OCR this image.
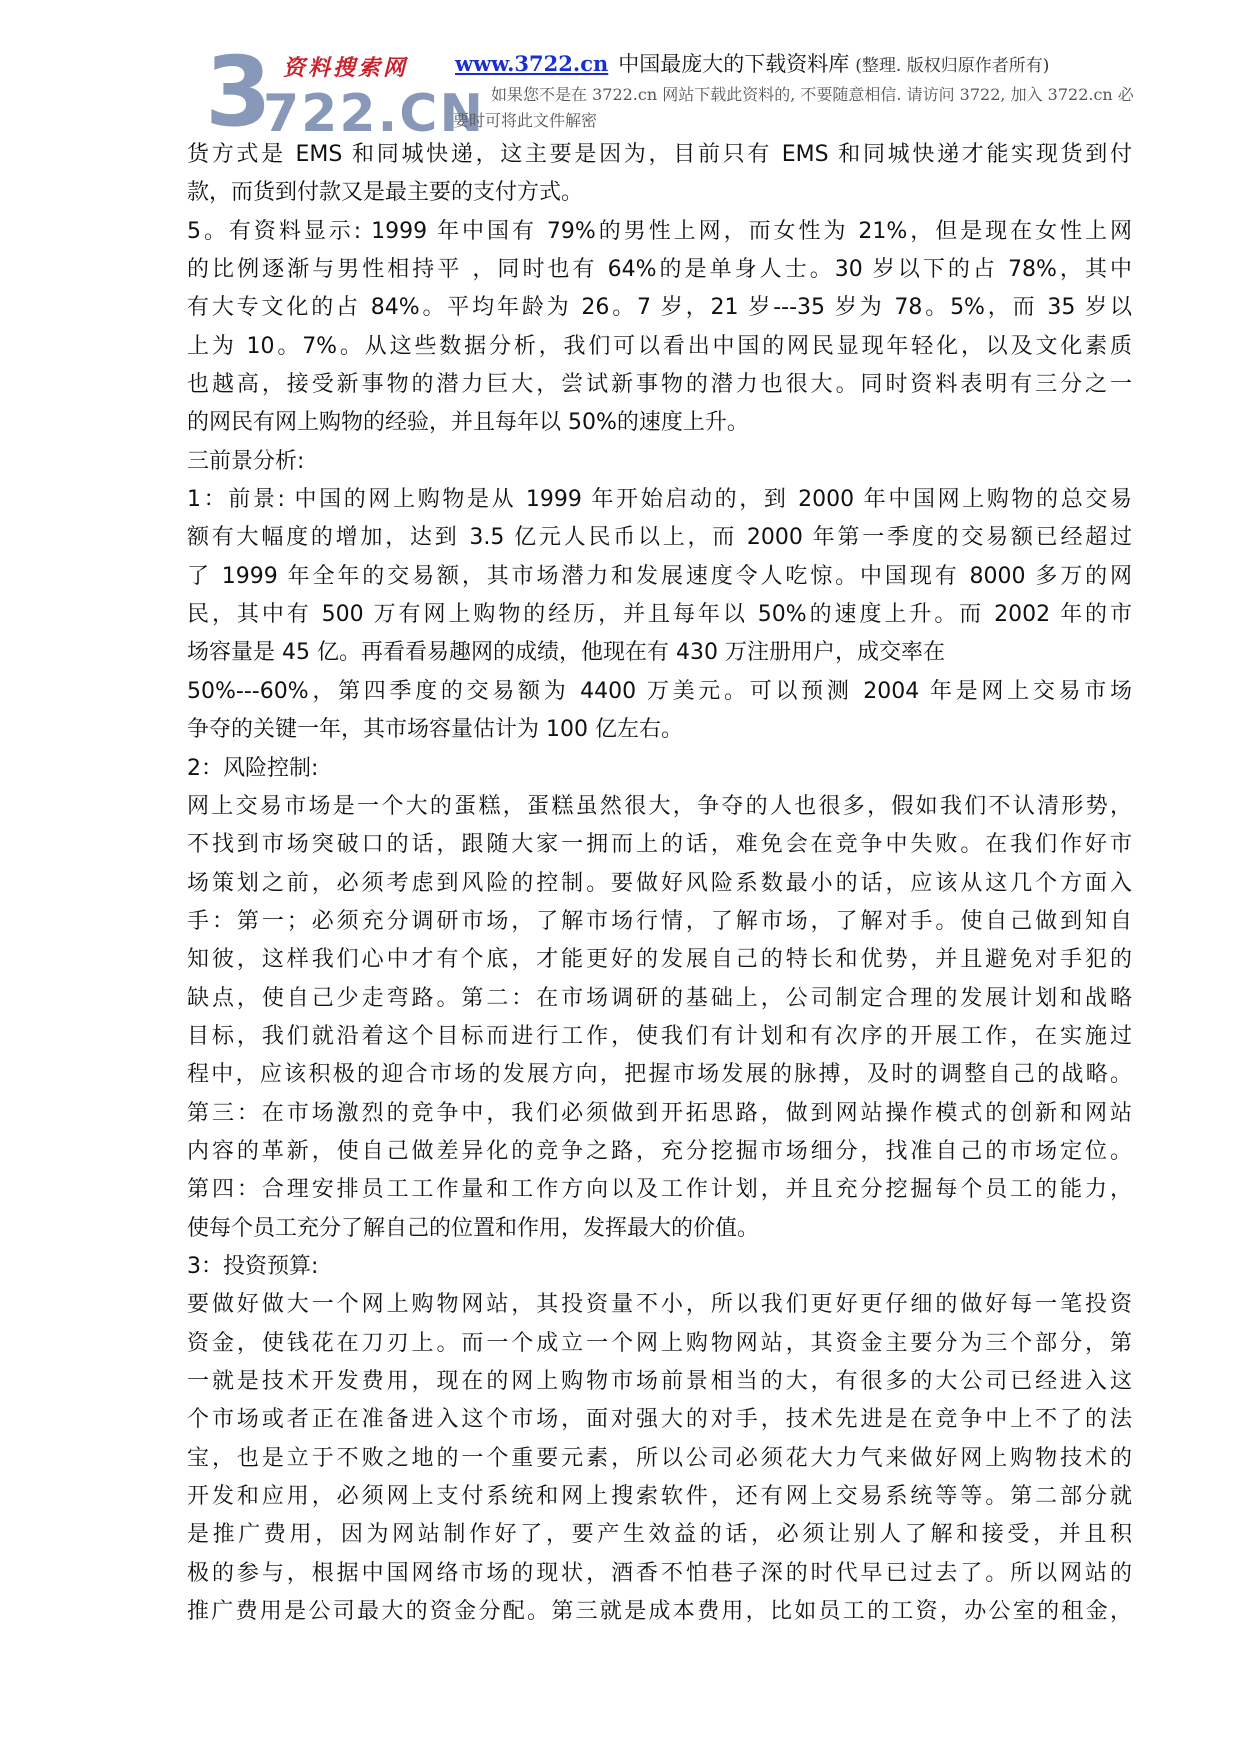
3
722.CN
资料搜索网 www.3722.cn 中国最庞大的下载资料库 (整理. 版权归原作者所有)
如果您不是在 3722.cn 网站下载此资料的, 不要随意相信. 请访问 3722, 加入 3722.cn 必要时可将此文件解密
货方式是 EMS 和同城快递，这主要是因为，目前只有 EMS 和同城快递才能实现货到付
款，而货到付款又是最主要的支付方式。
5。有资料显示: 1999 年中国有 79%的男性上网，而女性为 21%，但是现在女性上网
的比例逐渐与男性相持平 ，同时也有 64%的是单身人士。30 岁以下的占 78%，其中
有大专文化的占 84%。平均年龄为 26。7 岁，21 岁---35 岁为 78。5%，而 35 岁以
上为 10。7%。从这些数据分析，我们可以看出中国的网民显现年轻化，以及文化素质
也越高，接受新事物的潜力巨大，尝试新事物的潜力也很大。同时资料表明有三分之一
的网民有网上购物的经验，并且每年以 50%的速度上升。
三前景分析:
1：前景: 中国的网上购物是从 1999 年开始启动的，到 2000 年中国网上购物的总交易
额有大幅度的增加，达到 3.5 亿元人民币以上，而 2000 年第一季度的交易额已经超过
了 1999 年全年的交易额，其市场潜力和发展速度令人吃惊。中国现有 8000 多万的网
民，其中有 500 万有网上购物的经历，并且每年以 50%的速度上升。而 2002 年的市
场容量是 45 亿。再看看易趣网的成绩，他现在有 430 万注册用户，成交率在
50%---60%，第四季度的交易额为 4400 万美元。可以预测 2004 年是网上交易市场
争夺的关键一年，其市场容量估计为 100 亿左右。
2：风险控制:
网上交易市场是一个大的蛋糕，蛋糕虽然很大，争夺的人也很多，假如我们不认清形势，
不找到市场突破口的话，跟随大家一拥而上的话，难免会在竞争中失败。在我们作好市
场策划之前，必须考虑到风险的控制。要做好风险系数最小的话，应该从这几个方面入
手：第一；必须充分调研市场，了解市场行情，了解市场，了解对手。使自己做到知自
知彼，这样我们心中才有个底，才能更好的发展自己的特长和优势，并且避免对手犯的
缺点，使自己少走弯路。第二：在市场调研的基础上，公司制定合理的发展计划和战略
目标，我们就沿着这个目标而进行工作，使我们有计划和有次序的开展工作，在实施过
程中，应该积极的迎合市场的发展方向，把握市场发展的脉搏，及时的调整自己的战略。
第三：在市场激烈的竞争中，我们必须做到开拓思路，做到网站操作模式的创新和网站
内容的革新，使自己做差异化的竞争之路，充分挖掘市场细分，找准自己的市场定位。
第四：合理安排员工工作量和工作方向以及工作计划，并且充分挖掘每个员工的能力，
使每个员工充分了解自己的位置和作用，发挥最大的价值。
3：投资预算:
要做好做大一个网上购物网站，其投资量不小，所以我们更好更仔细的做好每一笔投资
资金，使钱花在刀刃上。而一个成立一个网上购物网站，其资金主要分为三个部分，第
一就是技术开发费用，现在的网上购物市场前景相当的大，有很多的大公司已经进入这
个市场或者正在准备进入这个市场，面对强大的对手，技术先进是在竞争中上不了的法
宝，也是立于不败之地的一个重要元素，所以公司必须花大力气来做好网上购物技术的
开发和应用，必须网上支付系统和网上搜索软件，还有网上交易系统等等。第二部分就
是推广费用，因为网站制作好了，要产生效益的话，必须让别人了解和接受，并且积
极的参与，根据中国网络市场的现状，酒香不怕巷子深的时代早已过去了。所以网站的
推广费用是公司最大的资金分配。第三就是成本费用，比如员工的工资，办公室的租金，
